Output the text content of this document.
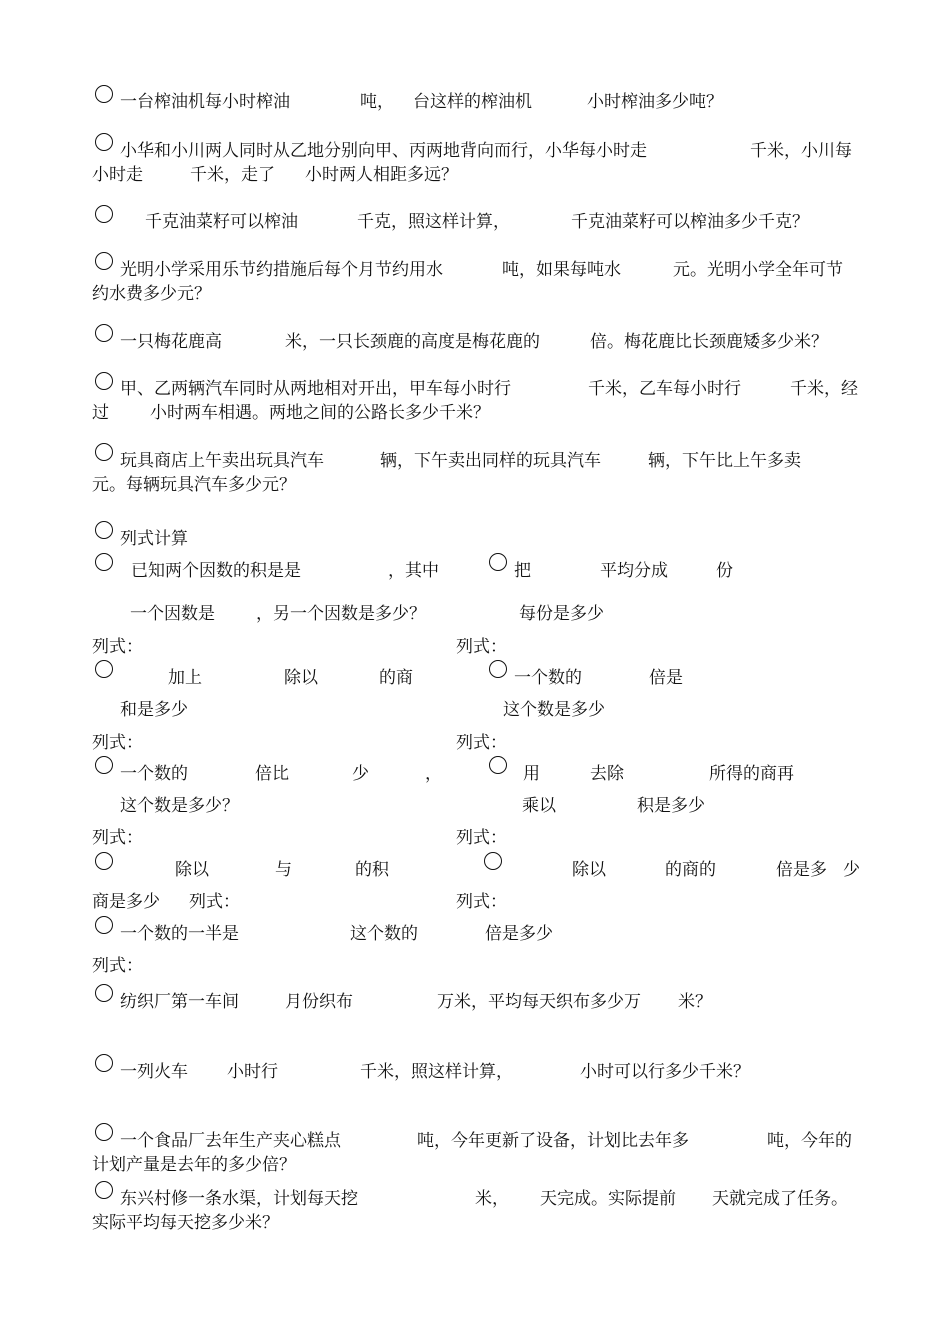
一台榨油机每小时榨油	吨， 台这样的榨油机	小时榨油多少吨？
小华和小川两人同时从乙地分别向甲、丙两地背向而行，小华每小时走	千米，小川每
小时走	千米，走了 小时两人相距多远？
千克油菜籽可以榨油	千克，照这样计算，	千克油菜籽可以榨油多少千克？
光明小学采用乐节约措施后每个月节约用水	吨，如果每吨水	元。光明小学全年可节
约水费多少元？
一只梅花鹿高	米，一只长颈鹿的高度是梅花鹿的	倍。梅花鹿比长颈鹿矮多少米？
甲、乙两辆汽车同时从两地相对开出，甲车每小时行	千米，乙车每小时行	千米，经
过 小时两车相遇。两地之间的公路长多少千米？
玩具商店上午卖出玩具汽车	辆，下午卖出同样的玩具汽车	辆，下午比上午多卖
元。每辆玩具汽车多少元？
列式计算
已知两个因数的积是是	，其中
一个因数是 ，另一个因数是多少？
把	平均分成	份
每份是多少
列式：	列式：
加上	除以	的商
和是多少
一个数的	倍是
这个数是多少
列式：	列式：
一个数的	倍比	少	，
这个数是多少？
用	去除	所得的商再
乘以	积是多少
列式：	列式：
除以	与	的积
商是多少 列式：
除以	的商的	倍是多 少
列式：
一个数的一半是	这个数的	倍是多少
列式：
纺织厂第一车间	月份织布	万米，平均每天织布多少万 米？
一列火车 小时行	千米，照这样计算，	小时可以行多少千米？
一个食品厂去年生产夹心糕点	吨，今年更新了设备，计划比去年多	吨，今年的
计划产量是去年的多少倍？
东兴村修一条水渠，计划每天挖	米， 天完成。实际提前 天就完成了任务。
实际平均每天挖多少米？
